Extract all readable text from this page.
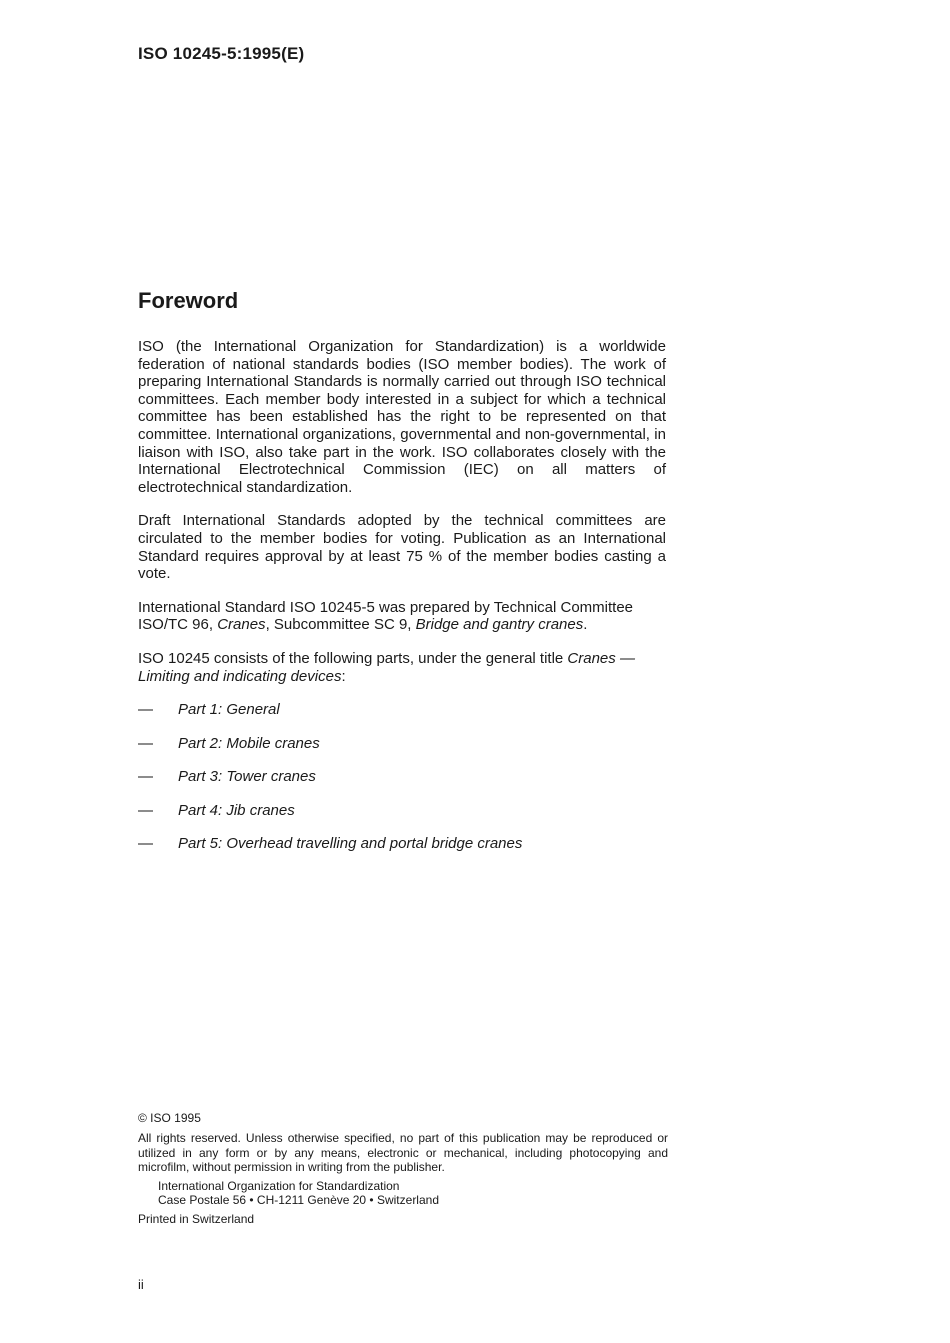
ISO 10245-5:1995(E)
Foreword

ISO (the International Organization for Standardization) is a worldwide federation of national standards bodies (ISO member bodies). The work of preparing International Standards is normally carried out through ISO technical committees. Each member body interested in a subject for which a technical committee has been established has the right to be represented on that committee. International organizations, governmental and non-governmental, in liaison with ISO, also take part in the work. ISO collaborates closely with the International Electrotechnical Commission (IEC) on all matters of electrotechnical standardization.

Draft International Standards adopted by the technical committees are circulated to the member bodies for voting. Publication as an International Standard requires approval by at least 75 % of the member bodies casting a vote.

International Standard ISO 10245-5 was prepared by Technical Committee ISO/TC 96, Cranes, Subcommittee SC 9, Bridge and gantry cranes.

ISO 10245 consists of the following parts, under the general title Cranes — Limiting and indicating devices:

—	Part 1: General
—	Part 2: Mobile cranes
—	Part 3: Tower cranes
—	Part 4: Jib cranes
—	Part 5: Overhead travelling and portal bridge cranes
© ISO 1995
All rights reserved. Unless otherwise specified, no part of this publication may be reproduced or utilized in any form or by any means, electronic or mechanical, including photocopying and microfilm, without permission in writing from the publisher.
International Organization for Standardization
Case Postale 56 • CH-1211 Genève 20 • Switzerland
Printed in Switzerland
ii
